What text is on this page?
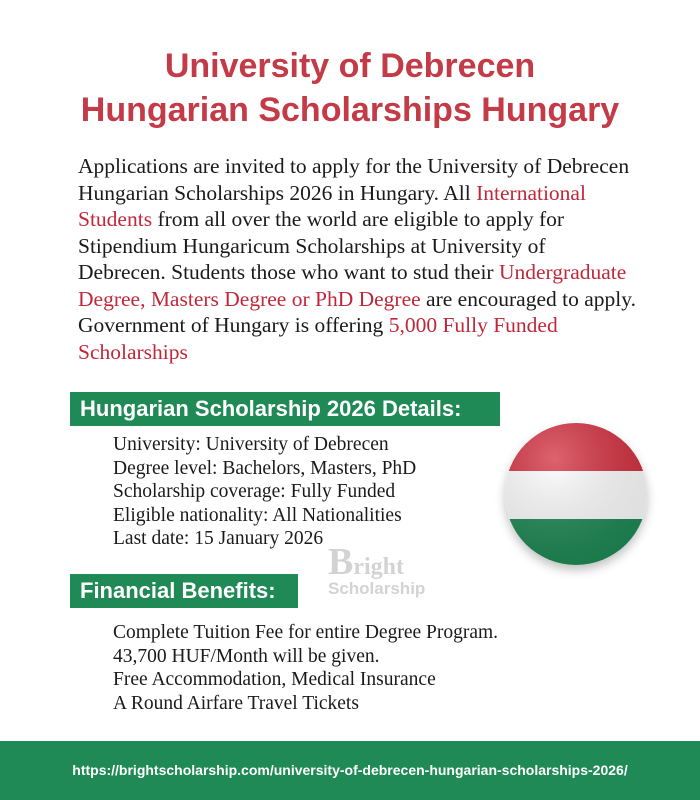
University of Debrecen
Hungarian Scholarships Hungary
Applications are invited to apply for the University of Debrecen Hungarian Scholarships 2026 in Hungary. All International Students from all over the world are eligible to apply for Stipendium Hungaricum Scholarships at University of Debrecen. Students those who want to stud their Undergraduate Degree, Masters Degree or PhD Degree are encouraged to apply. Government of Hungary is offering 5,000 Fully Funded Scholarships
Hungarian Scholarship 2026 Details:
University: University of Debrecen
Degree level: Bachelors, Masters, PhD
Scholarship coverage: Fully Funded
Eligible nationality: All Nationalities
Last date: 15 January 2026
Bright
Scholarship
Financial Benefits:
Complete Tuition Fee for entire Degree Program.
43,700 HUF/Month will be given.
Free Accommodation, Medical Insurance
A Round Airfare Travel Tickets
https://brightscholarship.com/university-of-debrecen-hungarian-scholarships-2026/
